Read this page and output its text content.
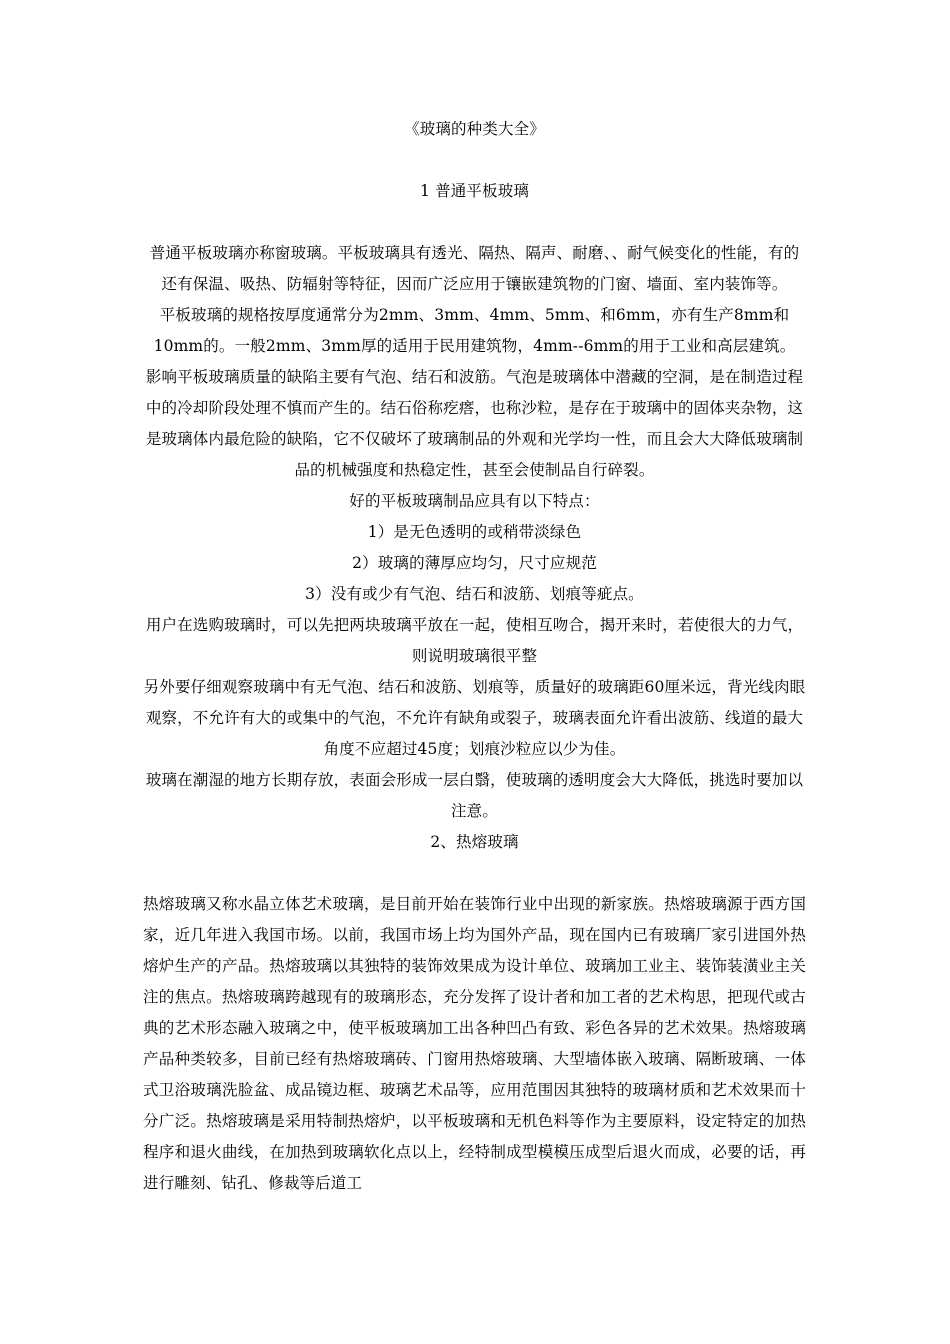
《玻璃的种类大全》

1 普通平板玻璃

普通平板玻璃亦称窗玻璃。平板玻璃具有透光、隔热、隔声、耐磨、、耐气候变化的性能，有的还有保温、吸热、防辐射等特征，因而广泛应用于镶嵌建筑物的门窗、墙面、室内装饰等。

平板玻璃的规格按厚度通常分为2mm、3mm、4mm、5mm、和6mm，亦有生产8mm和10mm的。一般2mm、3mm厚的适用于民用建筑物，4mm--6mm的用于工业和高层建筑。

影响平板玻璃质量的缺陷主要有气泡、结石和波筋。气泡是玻璃体中潜藏的空洞，是在制造过程中的冷却阶段处理不慎而产生的。结石俗称疙瘩，也称沙粒，是存在于玻璃中的固体夹杂物，这是玻璃体内最危险的缺陷，它不仅破坏了玻璃制品的外观和光学均一性，而且会大大降低玻璃制品的机械强度和热稳定性，甚至会使制品自行碎裂。

好的平板玻璃制品应具有以下特点：

1）是无色透明的或稍带淡绿色

2）玻璃的薄厚应均匀，尺寸应规范

3）没有或少有气泡、结石和波筋、划痕等疵点。

用户在选购玻璃时，可以先把两块玻璃平放在一起，使相互吻合，揭开来时，若使很大的力气，则说明玻璃很平整

另外要仔细观察玻璃中有无气泡、结石和波筋、划痕等，质量好的玻璃距60厘米远，背光线肉眼观察，不允许有大的或集中的气泡，不允许有缺角或裂子，玻璃表面允许看出波筋、线道的最大角度不应超过45度；划痕沙粒应以少为佳。

玻璃在潮湿的地方长期存放，表面会形成一层白翳，使玻璃的透明度会大大降低，挑选时要加以注意。

2、热熔玻璃

热熔玻璃又称水晶立体艺术玻璃，是目前开始在装饰行业中出现的新家族。热熔玻璃源于西方国家，近几年进入我国市场。以前，我国市场上均为国外产品，现在国内已有玻璃厂家引进国外热熔炉生产的产品。热熔玻璃以其独特的装饰效果成为设计单位、玻璃加工业主、装饰装潢业主关注的焦点。热熔玻璃跨越现有的玻璃形态，充分发挥了设计者和加工者的艺术构思，把现代或古典的艺术形态融入玻璃之中，使平板玻璃加工出各种凹凸有致、彩色各异的艺术效果。热熔玻璃产品种类较多，目前已经有热熔玻璃砖、门窗用热熔玻璃、大型墙体嵌入玻璃、隔断玻璃、一体式卫浴玻璃洗脸盆、成品镜边框、玻璃艺术品等，应用范围因其独特的玻璃材质和艺术效果而十分广泛。热熔玻璃是采用特制热熔炉，以平板玻璃和无机色料等作为主要原料，设定特定的加热程序和退火曲线，在加热到玻璃软化点以上，经特制成型模模压成型后退火而成，必要的话，再进行雕刻、钻孔、修裁等后道工
